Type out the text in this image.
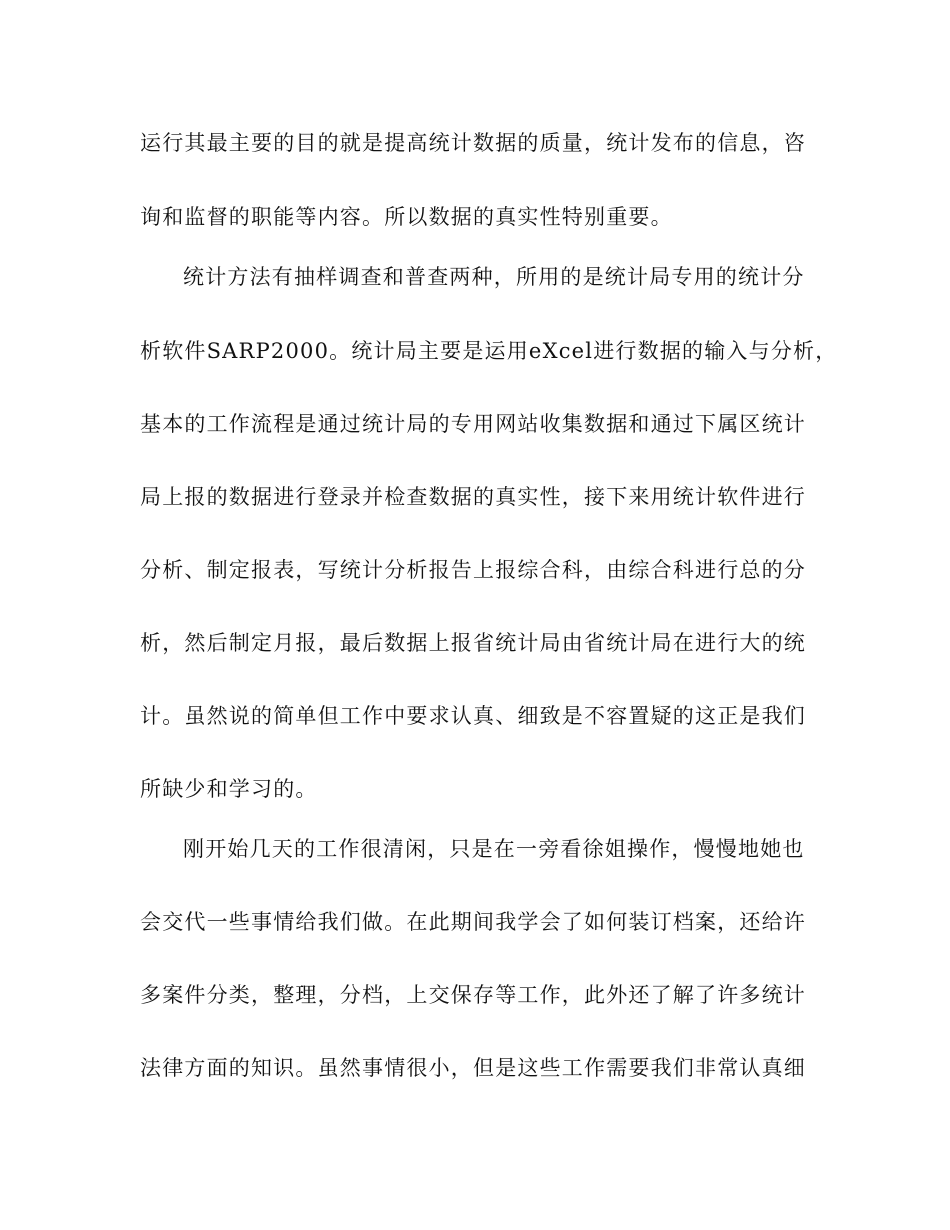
运行其最主要的目的就是提高统计数据的质量，统计发布的信息，咨
询和监督的职能等内容。所以数据的真实性特别重要。
统计方法有抽样调查和普查两种，所用的是统计局专用的统计分
析软件SARP2000。统计局主要是运用eXcel进行数据的输入与分析，
基本的工作流程是通过统计局的专用网站收集数据和通过下属区统计
局上报的数据进行登录并检查数据的真实性，接下来用统计软件进行
分析、制定报表，写统计分析报告上报综合科，由综合科进行总的分
析，然后制定月报，最后数据上报省统计局由省统计局在进行大的统
计。虽然说的简单但工作中要求认真、细致是不容置疑的这正是我们
所缺少和学习的。
刚开始几天的工作很清闲，只是在一旁看徐姐操作，慢慢地她也
会交代一些事情给我们做。在此期间我学会了如何装订档案，还给许
多案件分类，整理，分档，上交保存等工作，此外还了解了许多统计
法律方面的知识。虽然事情很小，但是这些工作需要我们非常认真细
